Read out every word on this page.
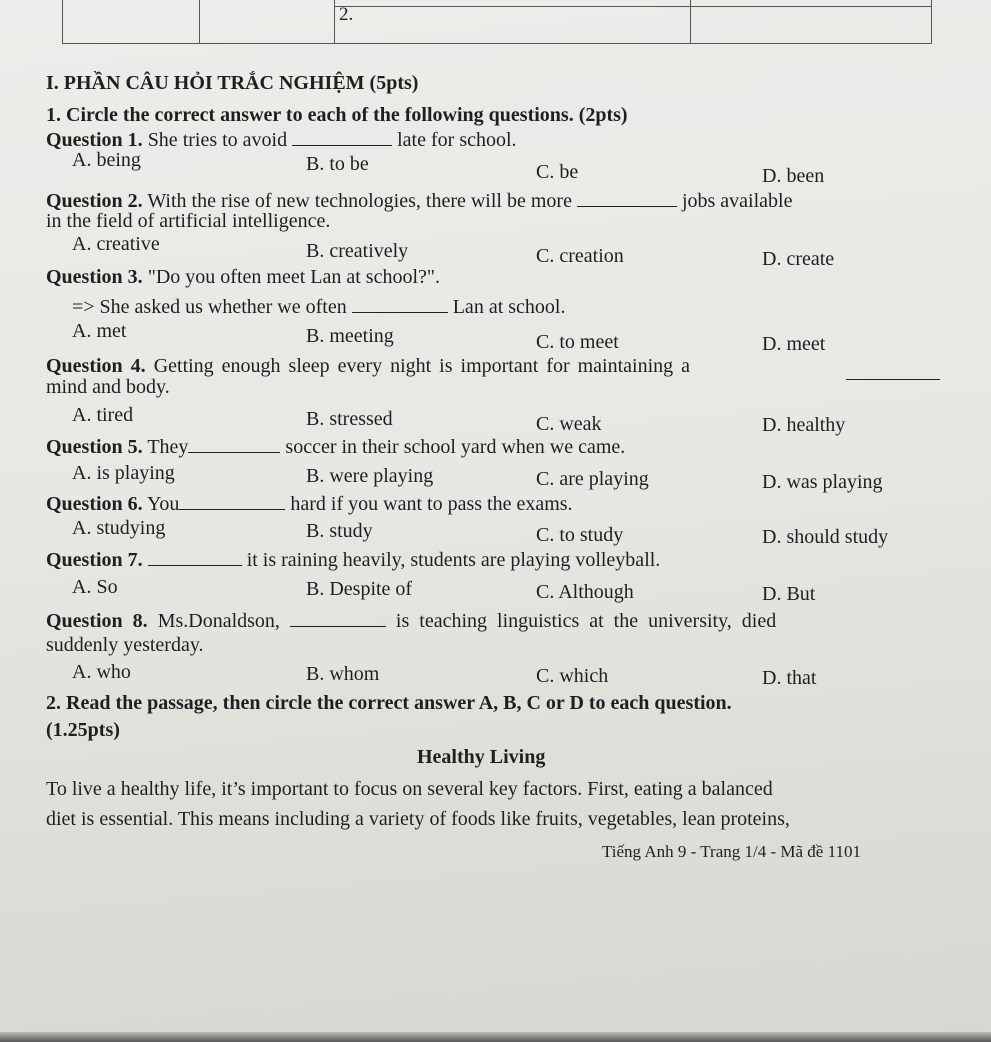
2.
I. PHẦN CÂU HỎI TRẮC NGHIỆM (5pts)
1. Circle the correct answer to each of the following questions. (2pts)
Question 1. She tries to avoid	late for school.
A. being	B. to be	C. be	D. been
Question 2. With the rise of new technologies, there will be more	jobs available
in the field of artificial intelligence.
A. creative	B. creatively	C. creation	D. create
Question 3. "Do you often meet Lan at school?".
=> She asked us whether we often	Lan at school.
A. met	B. meeting	C. to meet	D. meet
Question 4. Getting enough sleep every night is important for maintaining a
mind and body.
A. tired	B. stressed	C. weak	D. healthy
Question 5. They	soccer in their school yard when we came.
A. is playing	B. were playing	C. are playing	D. was playing
Question 6. You	hard if you want to pass the exams.
A. studying	B. study	C. to study	D. should study
Question 7.	it is raining heavily, students are playing volleyball.
A. So	B. Despite of	C. Although	D. But
Question 8. Ms.Donaldson,	is teaching linguistics at the university, died
suddenly yesterday.
A. who	B. whom	C. which	D. that
2. Read the passage, then circle the correct answer A, B, C or D to each question.
(1.25pts)
Healthy Living
To live a healthy life, it’s important to focus on several key factors. First, eating a balanced
diet is essential. This means including a variety of foods like fruits, vegetables, lean proteins,
Tiếng Anh 9 - Trang 1/4 - Mã đề 1101
